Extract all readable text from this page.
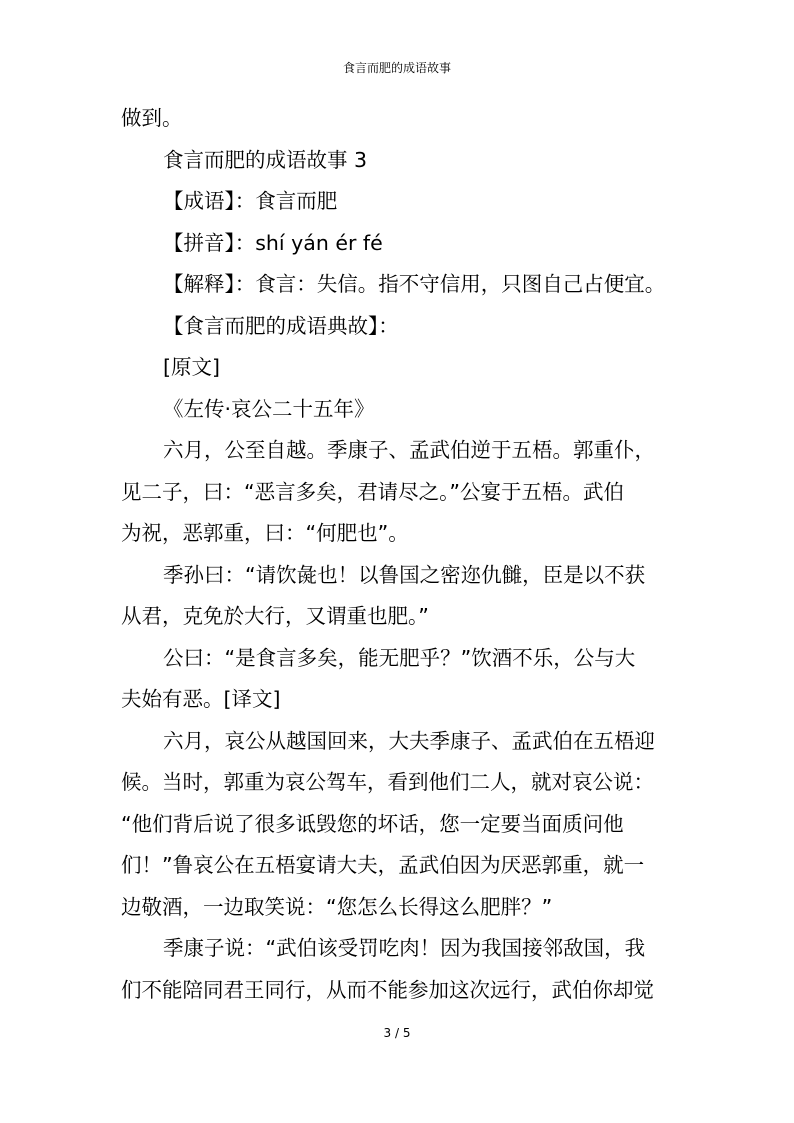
食言而肥的成语故事
做到。
食言而肥的成语故事 3
【成语】：食言而肥
【拼音】：shí yán ér fé
【解释】：食言：失信。指不守信用，只图自己占便宜。
【食言而肥的成语典故】：
[原文]
《左传·哀公二十五年》
六月，公至自越。季康子、孟武伯逆于五梧。郭重仆，
见二子，曰：“恶言多矣，君请尽之。”公宴于五梧。武伯
为祝，恶郭重，曰：“何肥也”。
季孙曰：“请饮彘也！以鲁国之密迩仇雠，臣是以不获
从君，克免於大行，又谓重也肥。”
公曰：“是食言多矣，能无肥乎？”饮酒不乐，公与大
夫始有恶。[译文]
六月，哀公从越国回来，大夫季康子、孟武伯在五梧迎
候。当时，郭重为哀公驾车，看到他们二人，就对哀公说：
“他们背后说了很多诋毁您的坏话，您一定要当面质问他
们！”鲁哀公在五梧宴请大夫，孟武伯因为厌恶郭重，就一
边敬酒，一边取笑说：“您怎么长得这么肥胖？”
季康子说：“武伯该受罚吃肉！因为我国接邻敌国，我
们不能陪同君王同行，从而不能参加这次远行，武伯你却觉
3 / 5
